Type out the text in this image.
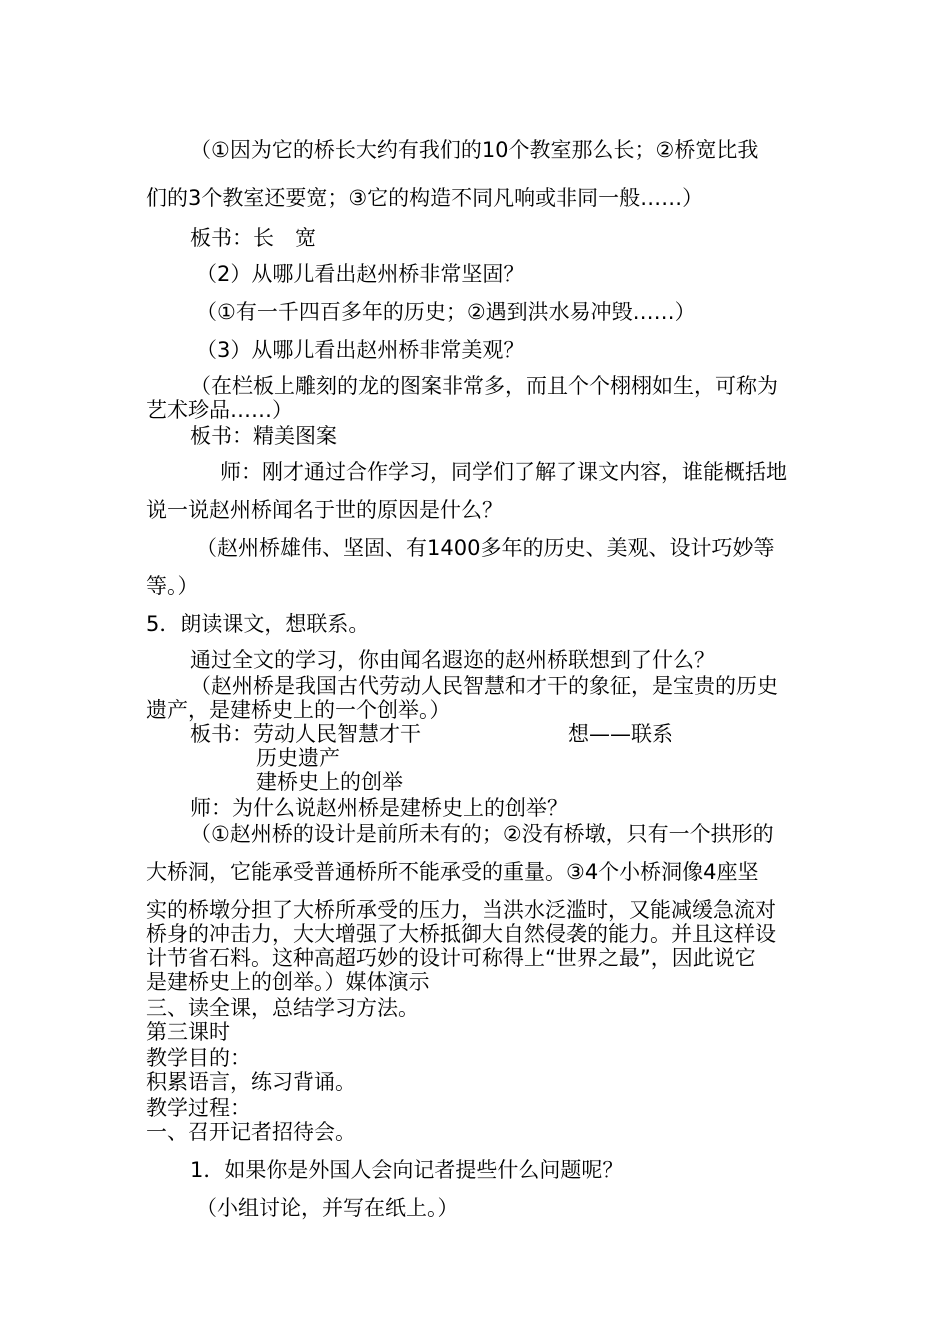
（①因为它的桥长大约有我们的10个教室那么长；②桥宽比我
们的3个教室还要宽；③它的构造不同凡响或非同一般……）
板书：长　宽
（2）从哪儿看出赵州桥非常坚固？
（①有一千四百多年的历史；②遇到洪水易冲毁……）
（3）从哪儿看出赵州桥非常美观？
（在栏板上雕刻的龙的图案非常多，而且个个栩栩如生，可称为
艺术珍品……）
板书：精美图案
师：刚才通过合作学习，同学们了解了课文内容，谁能概括地
说一说赵州桥闻名于世的原因是什么？
（赵州桥雄伟、坚固、有1400多年的历史、美观、设计巧妙等
等。）
5．朗读课文，想联系。
通过全文的学习，你由闻名遐迩的赵州桥联想到了什么？
（赵州桥是我国古代劳动人民智慧和才干的象征，是宝贵的历史
遗产，是建桥史上的一个创举。）
板书：劳动人民智慧才干	想——联系
历史遗产
建桥史上的创举
师：为什么说赵州桥是建桥史上的创举？
（①赵州桥的设计是前所未有的；②没有桥墩，只有一个拱形的
大桥洞，它能承受普通桥所不能承受的重量。③4个小桥洞像4座坚
实的桥墩分担了大桥所承受的压力，当洪水泛滥时，又能减缓急流对
桥身的冲击力，大大增强了大桥抵御大自然侵袭的能力。并且这样设
计节省石料。这种高超巧妙的设计可称得上“世界之最”，因此说它
是建桥史上的创举。）媒体演示
三、读全课，总结学习方法。
第三课时
教学目的：
积累语言，练习背诵。
教学过程：
一、召开记者招待会。
1．如果你是外国人会向记者提些什么问题呢？
（小组讨论，并写在纸上。）
